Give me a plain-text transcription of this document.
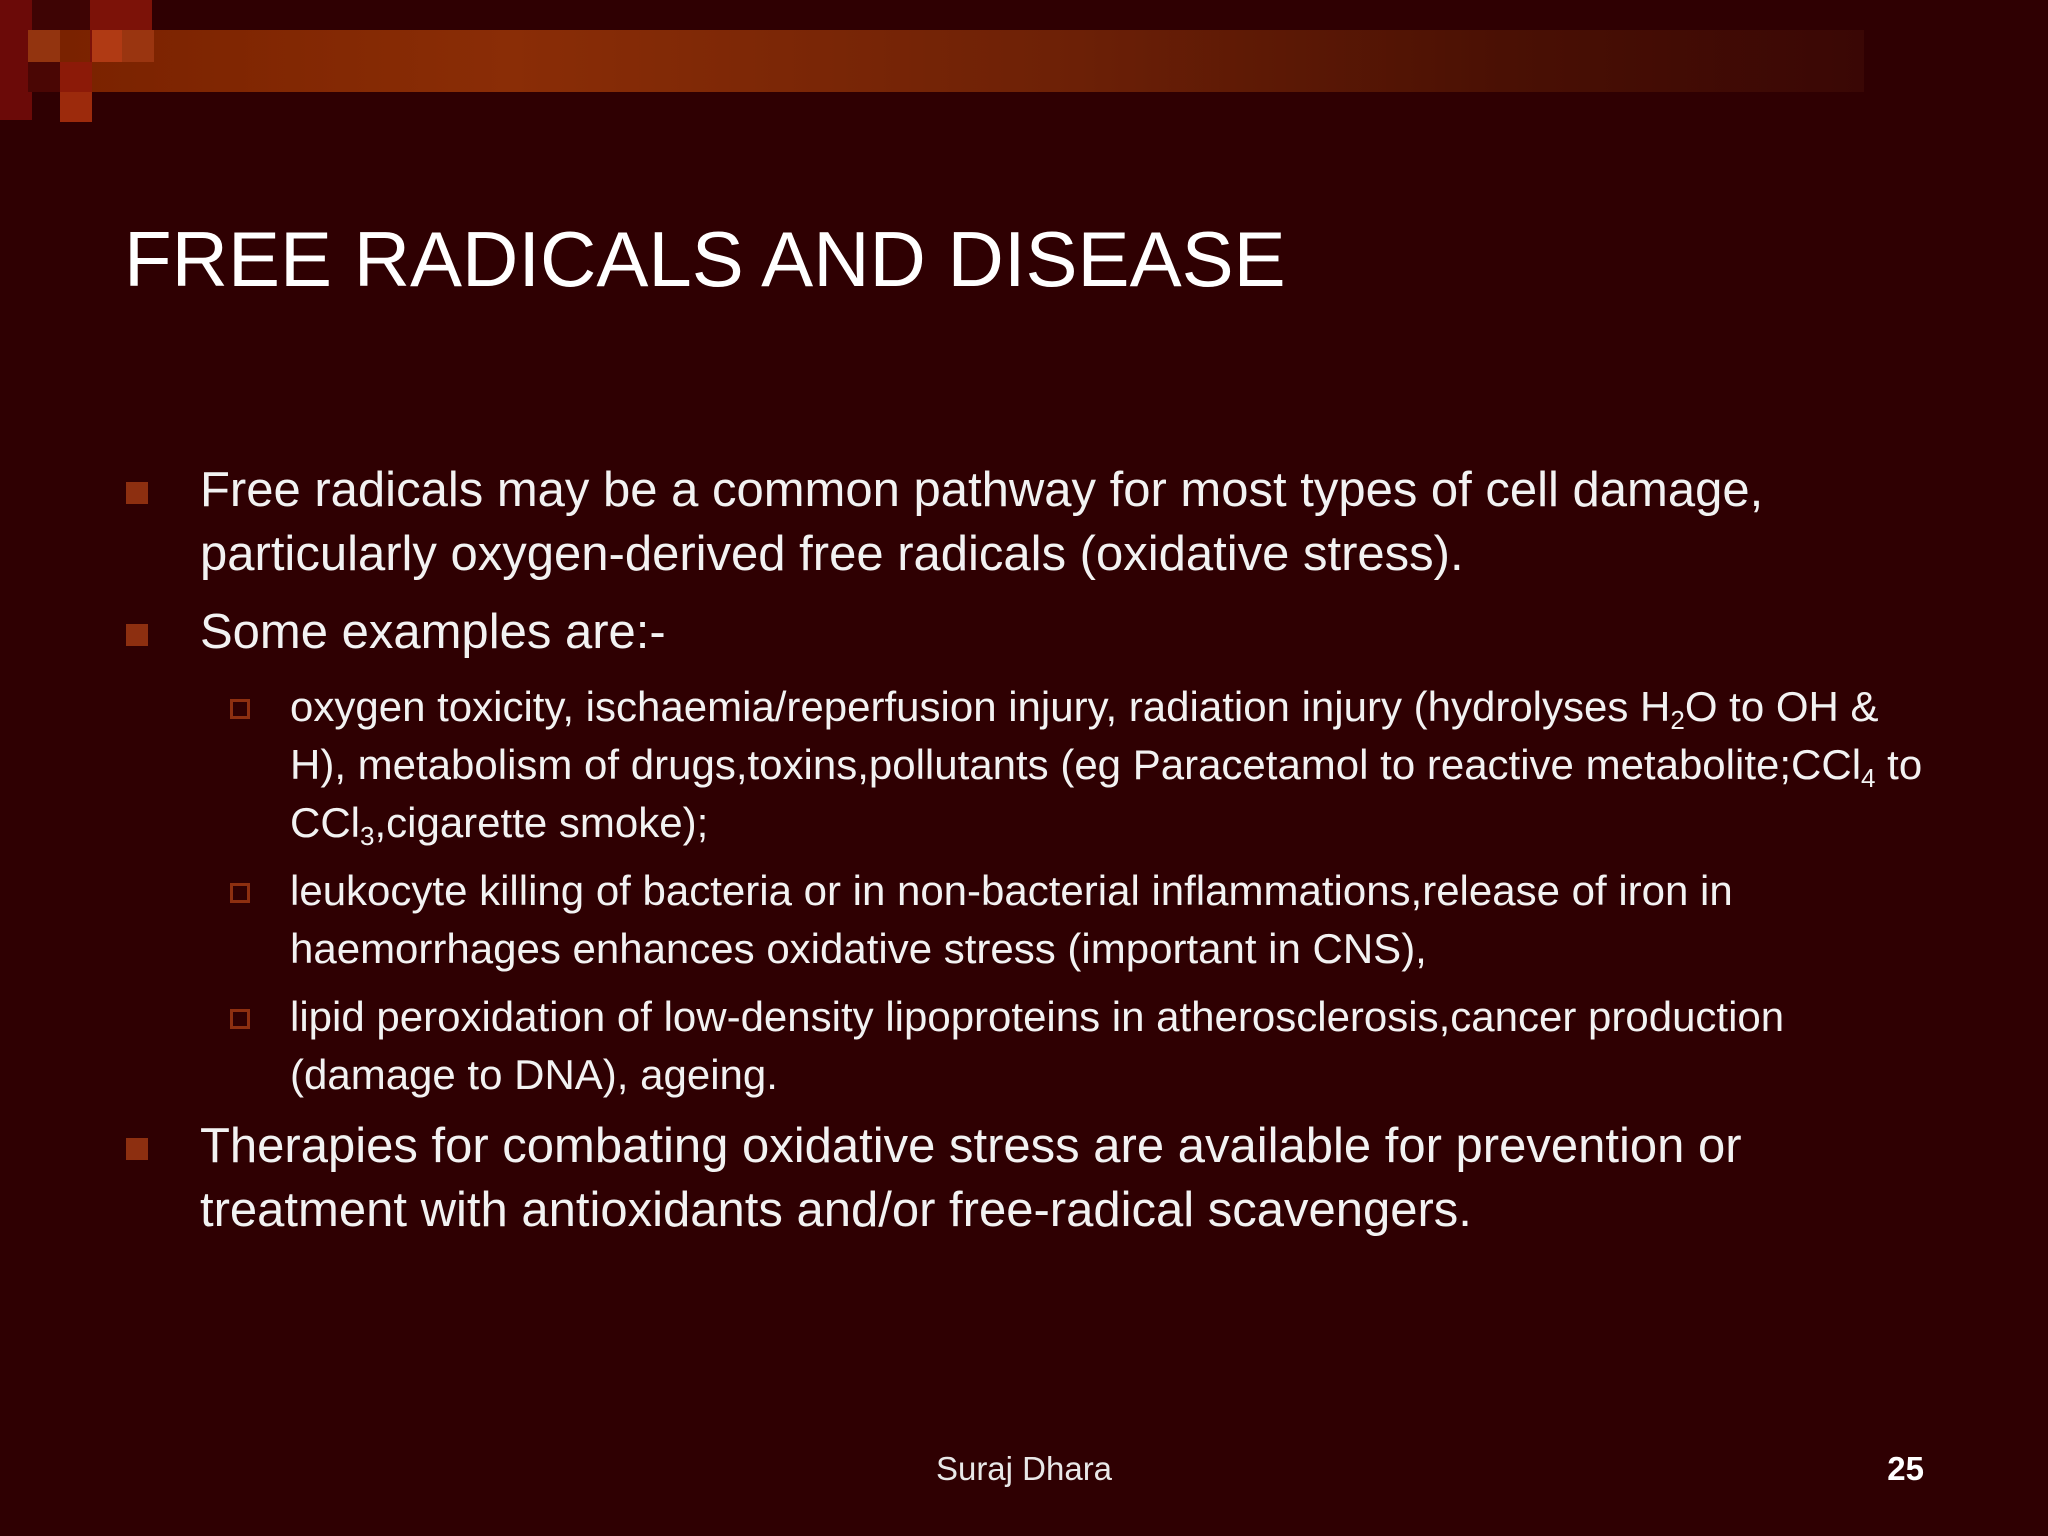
FREE RADICALS AND DISEASE
Free radicals may be a common pathway for most types of cell damage, particularly oxygen-derived free radicals (oxidative stress).
Some examples are:-
oxygen toxicity, ischaemia/reperfusion injury, radiation injury (hydrolyses $H_2O$ to OH & H), metabolism of drugs,toxins,pollutants (eg Paracetamol to reactive metabolite;CCl$_4$ to CCl$_3$,cigarette smoke);
leukocyte killing of bacteria or in non-bacterial inflammations,release of iron in haemorrhages enhances oxidative stress (important in CNS),
lipid peroxidation of low-density lipoproteins in atherosclerosis,cancer production (damage to DNA), ageing.
Therapies for combating oxidative stress are available for prevention or treatment with antioxidants and/or free-radical scavengers.
Suraj Dhara	25
